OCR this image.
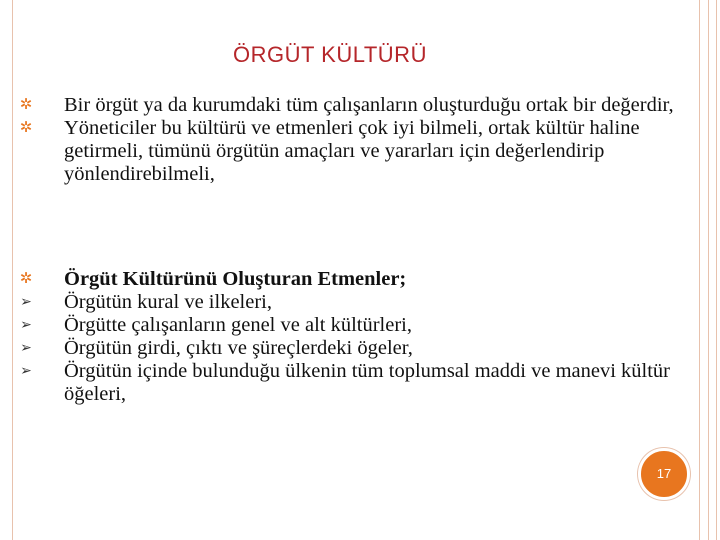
ÖRGÜT KÜLTÜRÜ

✲ Bir örgüt ya da kurumdaki tüm çalışanların oluşturduğu ortak bir değerdir,

✲ Yöneticiler bu kültürü ve etmenleri çok iyi bilmeli, ortak kültür haline getirmeli, tümünü örgütün amaçları ve yararları için değerlendirip yönlendirebilmeli,

✲ Örgüt Kültürünü Oluşturan Etmenler;

➢ Örgütün kural ve ilkeleri,

➢ Örgütte çalışanların genel ve alt kültürleri,

➢ Örgütün girdi, çıktı ve şüreçlerdeki ögeler,

➢ Örgütün içinde bulunduğu ülkenin tüm toplumsal maddi ve manevi kültür öğeleri,

17
